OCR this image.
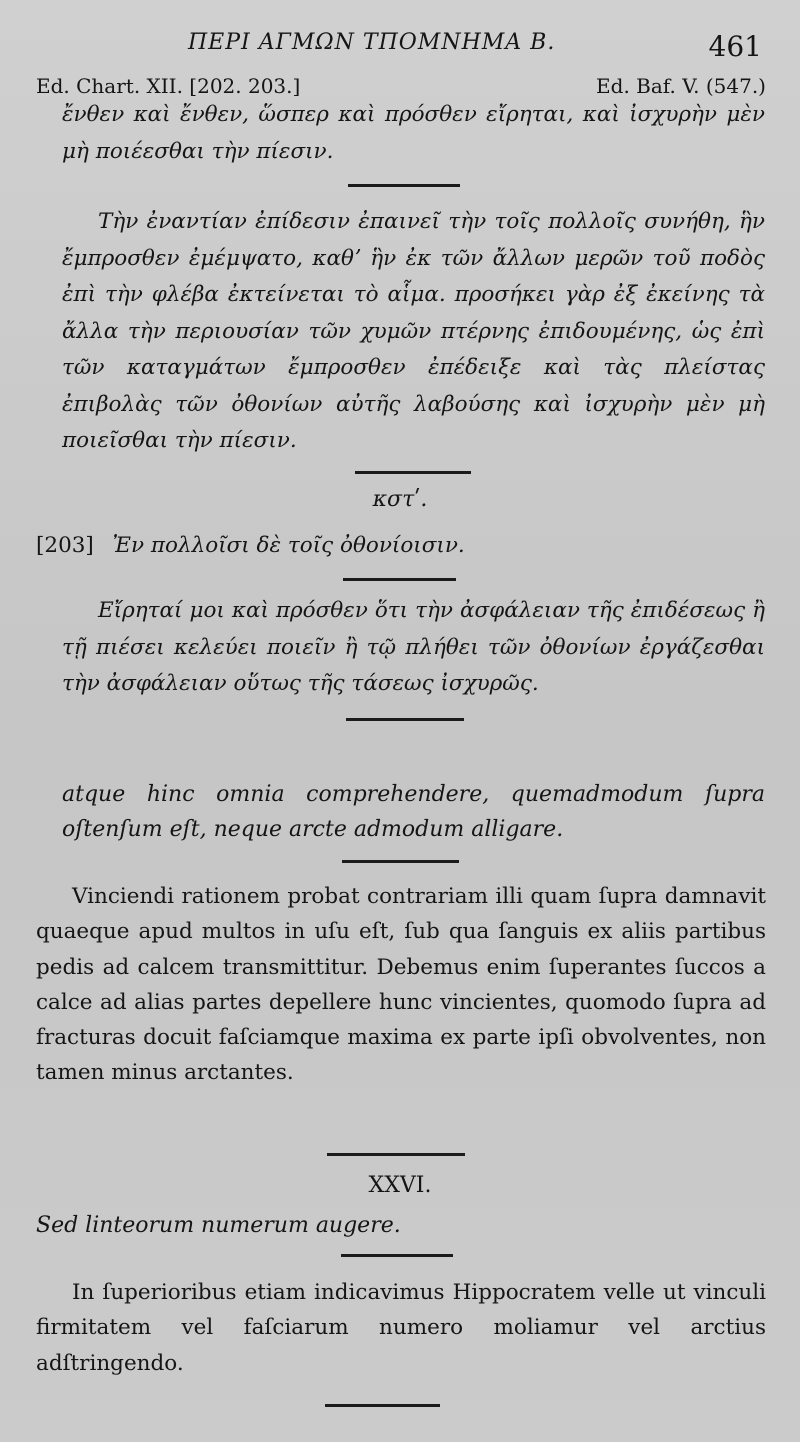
ΠΕΡΙ ΑΓΜΩΝ ΤΠΟΜΝΗΜΑ Β.	461
Ed. Chart. XII. [202. 203.]	Ed. Baf. V. (547.)

ἔνθεν καὶ ἔνθεν, ὥσπερ καὶ πρόσθεν εἴρηται, καὶ ἰσχυρὴν μὲν μὴ ποιέεσθαι τὴν πίεσιν.

Τὴν ἐναντίαν ἐπίδεσιν ἐπαινεῖ τὴν τοῖς πολλοῖς συνήθη, ἣν ἔμπροσθεν ἐμέμψατο, καθʼ ἣν ἐκ τῶν ἄλλων μερῶν τοῦ ποδὸς ἐπὶ τὴν φλέβα ἐκτείνεται τὸ αἷμα. προσήκει γὰρ ἐξ ἐκείνης τὰ ἄλλα τὴν περιουσίαν τῶν χυμῶν πτέρνης ἐπιδουμένης, ὡς ἐπὶ τῶν καταγμάτων ἔμπροσθεν ἐπέδειξε καὶ τὰς πλείστας ἐπιβολὰς τῶν ὀθονίων αὐτῆς λαβούσης καὶ ἰσχυρὴν μὲν μὴ ποιεῖσθαι τὴν πίεσιν.

κστʹ.
[203] Ἐν πολλοῖσι δὲ τοῖς ὀθονίοισιν.

Εἴρηταί μοι καὶ πρόσθεν ὅτι τὴν ἀσφάλειαν τῆς ἐπιδέσεως ἢ τῇ πιέσει κελεύει ποιεῖν ἢ τῷ πλήθει τῶν ὀθονίων ἐργάζεσθαι τὴν ἀσφάλειαν οὕτως τῆς τάσεως ἰσχυρῶς.

atque hinc omnia comprehendere, quemadmodum ſupra oſtenſum eſt, neque arcte admodum alligare.

Vinciendi rationem probat contrariam illi quam ſupra damnavit quaeque apud multos in uſu eſt, ſub qua ſanguis ex aliis partibus pedis ad calcem transmittitur. Debemus enim ſuperantes ſuccos a calce ad alias partes depellere hunc vincientes, quomodo ſupra ad fracturas docuit faſciamque maxima ex parte ipſi obvolventes, non tamen minus arctantes.

XXVI.
Sed linteorum numerum augere.

In ſuperioribus etiam indicavimus Hippocratem velle ut vinculi firmitatem vel faſciarum numero moliamur vel arctius adſtringendo.
